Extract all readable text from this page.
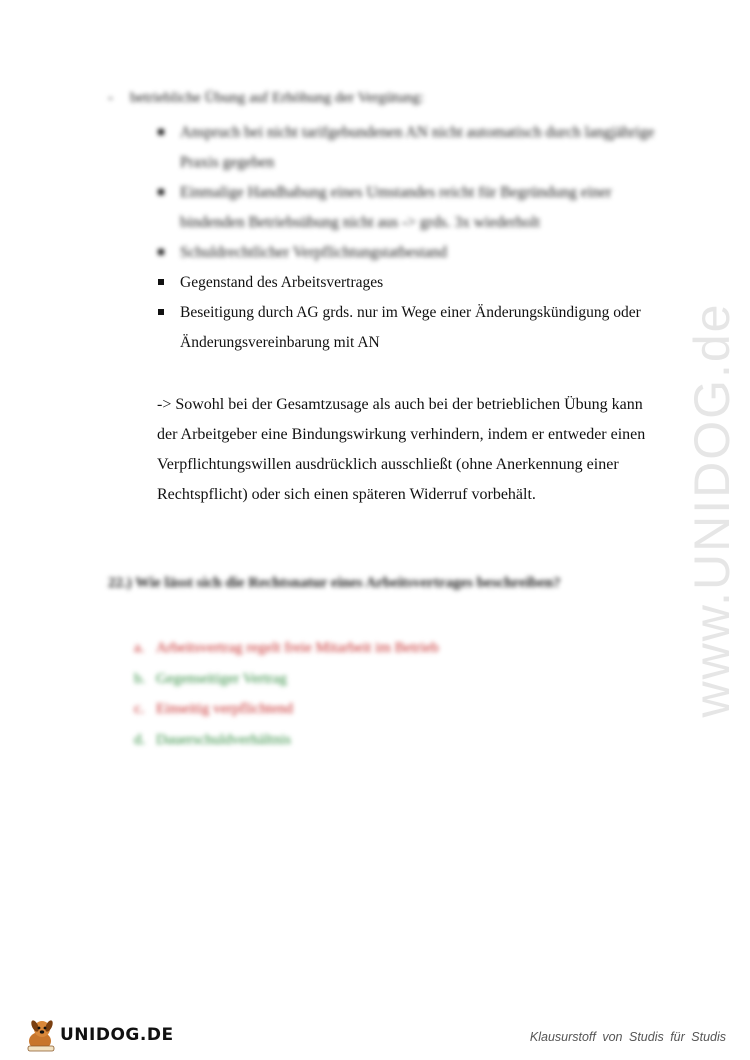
- betriebliche Übung auf Erhöhung der Vergütung:
Anspruch bei nicht tarifgebundenen AN nicht automatisch durch langjährige Praxis gegeben
Einmalige Handhabung eines Umstandes reicht für Begründung einer bindenden Betriebsübung nicht aus -> grds. 3x wiederholt
Schuldrechtlicher Verpflichtungstatbestand
Gegenstand des Arbeitsvertrages
Beseitigung durch AG grds. nur im Wege einer Änderungskündigung oder Änderungsvereinbarung mit AN
-> Sowohl bei der Gesamtzusage als auch bei der betrieblichen Übung kann der Arbeitgeber eine Bindungswirkung verhindern, indem er entweder einen Verpflichtungswillen ausdrücklich ausschließt (ohne Anerkennung einer Rechtspflicht) oder sich einen späteren Widerruf vorbehält.
22.) Wie lässt sich die Rechtsnatur eines Arbeitsvertrages beschreiben?
a. Arbeitsvertrag regelt freie Mitarbeit im Betrieb
b. Gegenseitiger Vertrag
c. Einseitig verpflichtend
d. Dauerschuldverhältnis
www.UNIDOG.de
UNIDOG.DE	Klausurstoff von Studis für Studis
